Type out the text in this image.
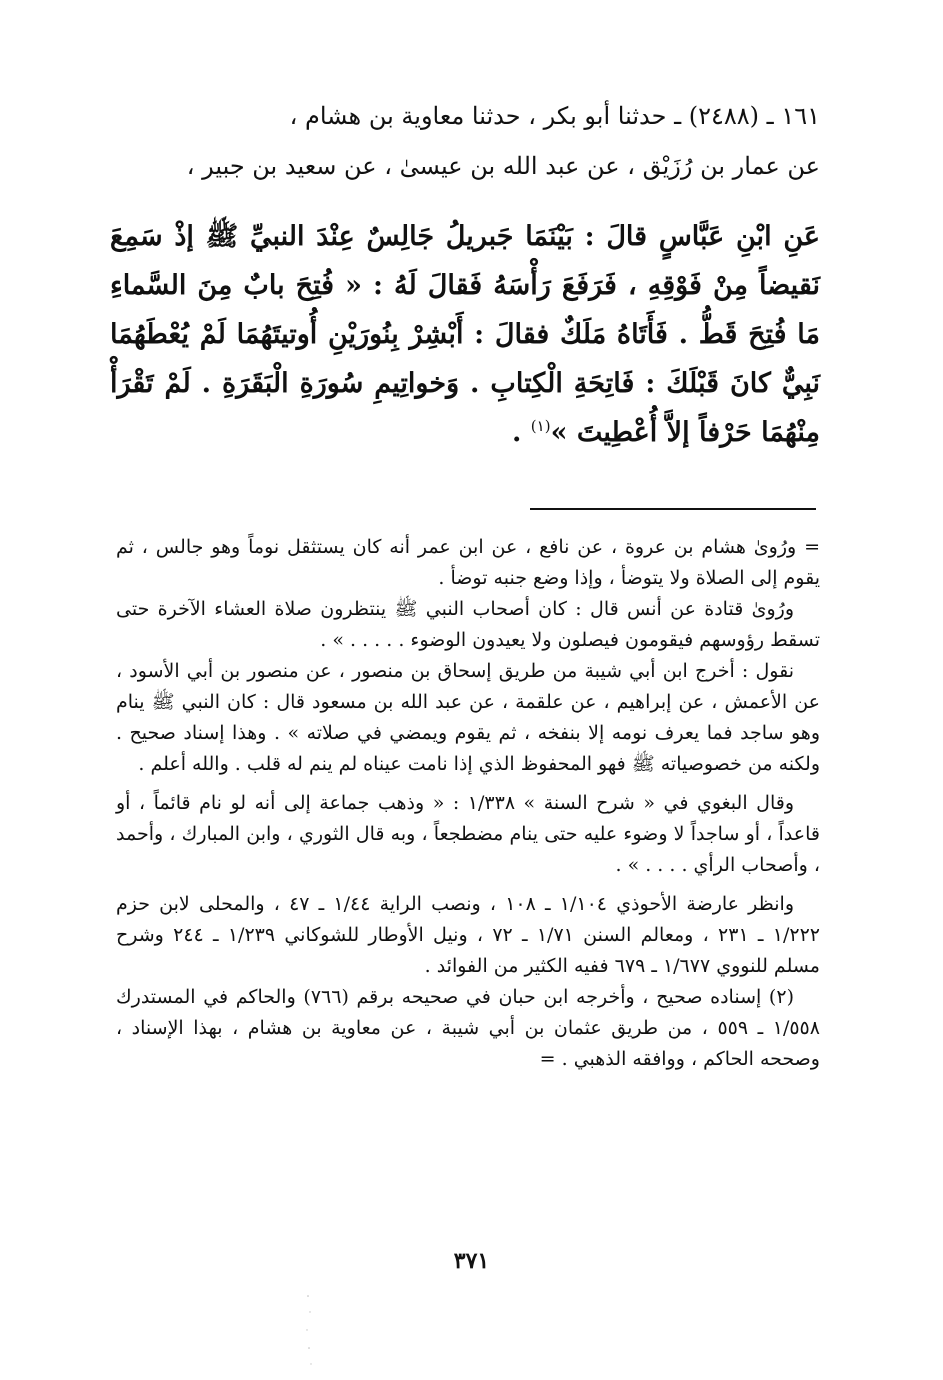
١٦١ ـ (٢٤٨٨) ـ حدثنا أبو بكر ، حدثنا معاوية بن هشام ،
عن عمار بن رُزَيْق ، عن عبد الله بن عيسىٰ ، عن سعيد بن جبير ،
عَنِ ابْنِ عَبَّاسٍ قالَ : بَيْنَمَا جَبريلُ جَالِسٌ عِنْدَ النبيِّ ﷺ إذْ سَمِعَ نَقيضاً مِنْ فَوْقِهِ ، فَرَفَعَ رَأْسَهُ فَقالَ لَهُ : « فُتِحَ بابٌ مِنَ السَّماءِ مَا فُتِحَ قَطُّ . فَأَتَاهُ مَلَكٌ فقالَ : أَبْشِرْ بِنُورَيْنِ أُوتيتَهُمَا لَمْ يُعْطَهُمَا نَبِيٌّ كانَ قَبْلَكَ : فَاتِحَةِ الْكِتابِ . وَخواتِيمِ سُورَةِ الْبَقَرَةِ . لَمْ تَقْرَأْ مِنْهُمَا حَرْفاً إلاَّ أُعْطِيتَ »$^{(١)}$ .

= ورُوىٰ هشام بن عروة ، عن نافع ، عن ابن عمر أنه كان يستثقل نوماً وهو جالس ، ثم يقوم إلى الصلاة ولا يتوضأ ، وإذا وضع جنبه توضأ .

ورُوىٰ قتادة عن أنس قال : كان أصحاب النبي ﷺ ينتظرون صلاة العشاء الآخرة حتى تسقط رؤوسهم فيقومون فيصلون ولا يعيدون الوضوء . . . . . » .

نقول : أخرج ابن أبي شيبة من طريق إسحاق بن منصور ، عن منصور بن أبي الأسود ، عن الأعمش ، عن إبراهيم ، عن علقمة ، عن عبد الله بن مسعود قال : كان النبي ﷺ ينام وهو ساجد فما يعرف نومه إلا بنفخه ، ثم يقوم ويمضي في صلاته » . وهذا إسناد صحيح . ولكنه من خصوصياته ﷺ فهو المحفوظ الذي إذا نامت عيناه لم ينم له قلب . والله أعلم .

وقال البغوي في « شرح السنة » ١/٣٣٨ : « وذهب جماعة إلى أنه لو نام قائماً ، أو قاعداً ، أو ساجداً لا وضوء عليه حتى ينام مضطجعاً ، وبه قال الثوري ، وابن المبارك ، وأحمد ، وأصحاب الرأي . . . . » .

وانظر عارضة الأحوذي ١/١٠٤ ـ ١٠٨ ، ونصب الراية ١/٤٤ ـ ٤٧ ، والمحلى لابن حزم ١/٢٢٢ ـ ٢٣١ ، ومعالم السنن ١/٧١ ـ ٧٢ ، ونيل الأوطار للشوكاني ١/٢٣٩ ـ ٢٤٤ وشرح مسلم للنووي ١/٦٧٧ ـ ٦٧٩ ففيه الكثير من الفوائد .

(٢) إسناده صحيح ، وأخرجه ابن حبان في صحيحه برقم (٧٦٦) والحاكم في المستدرك ١/٥٥٨ ـ ٥٥٩ ، من طريق عثمان بن أبي شيبة ، عن معاوية بن هشام ، بهذا الإسناد ، وصححه الحاكم ، ووافقه الذهبي . =

٣٧١
